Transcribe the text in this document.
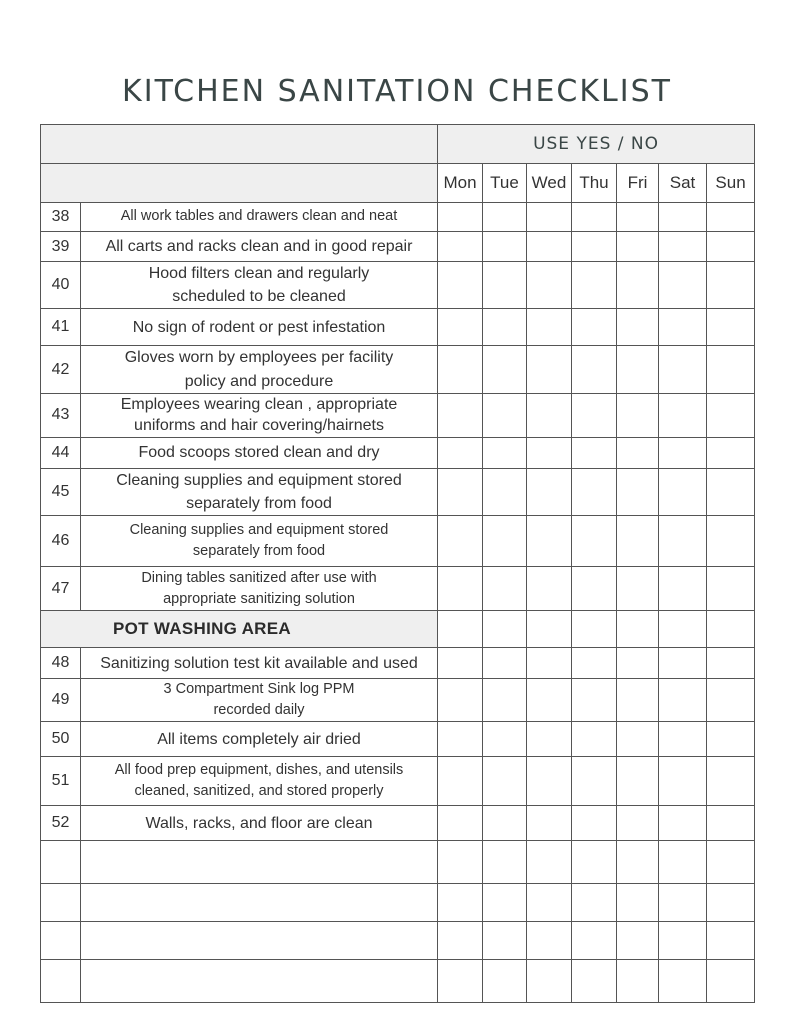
KITCHEN SANITATION CHECKLIST
		USE YES / NO						
		Mon	Tue	Wed	Thu	Fri	Sat	Sun
38	All work tables and drawers clean and neat							
39	All carts and racks clean and in good repair							
40	Hood filters clean and regularly
scheduled to be cleaned							

41	No sign of rodent or pest infestation							
42	Gloves worn by employees per facility
policy and procedure							

43	Employees wearing clean , appropriate
uniforms and hair covering/hairnets							

44	Food scoops stored clean and dry							
45	Cleaning supplies and equipment stored
separately from food							

46	Cleaning supplies and equipment stored
separately from food							

47	Dining tables sanitized after use with
appropriate sanitizing solution							

POT WASHING AREA								
48	Sanitizing solution test kit available and used							
49	3 Compartment Sink log PPM
recorded daily							

50	All items completely air dried							
51	All food prep equipment, dishes, and utensils
cleaned, sanitized, and stored properly							

52	Walls, racks, and floor are clean							
